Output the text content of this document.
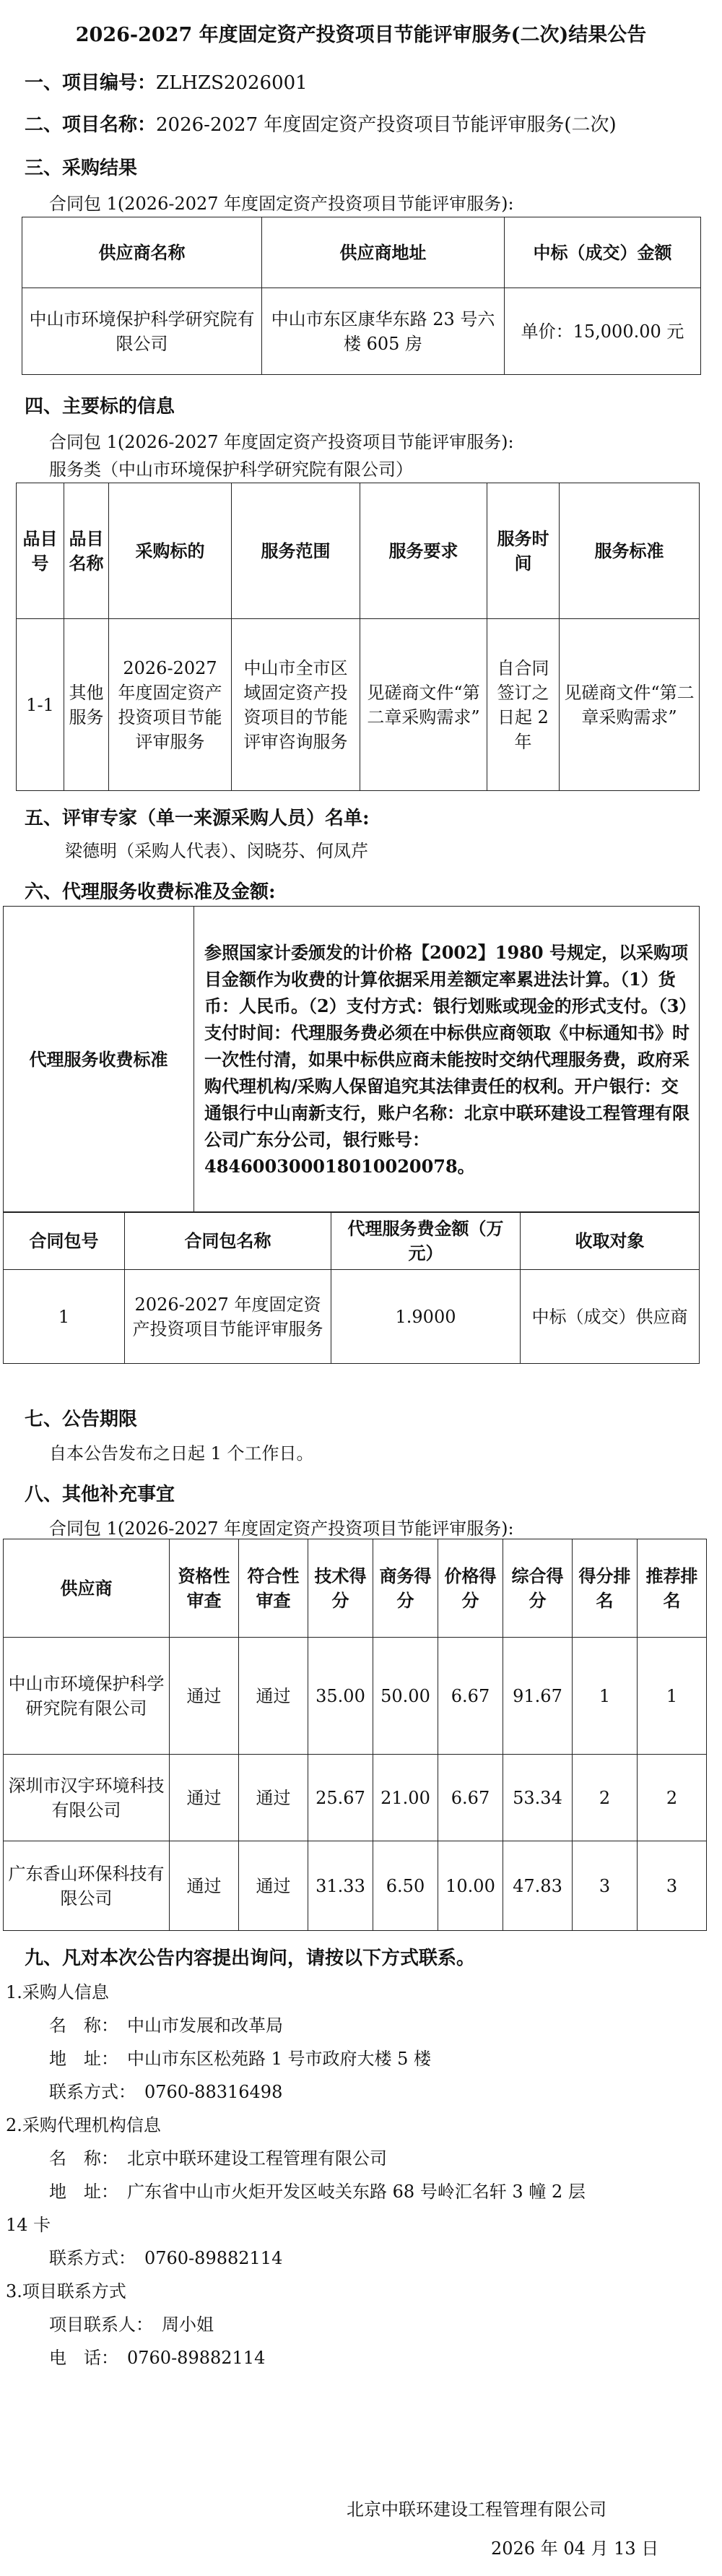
2026-2027 年度固定资产投资项目节能评审服务(二次)结果公告
一、项目编号：ZLHZS2026001
二、项目名称：2026-2027 年度固定资产投资项目节能评审服务(二次)
三、采购结果
合同包 1(2026-2027 年度固定资产投资项目节能评审服务):
供应商名称	供应商地址	中标（成交）金额
中山市环境保护科学研究院有限公司	中山市东区康华东路 23 号六楼 605 房	单价：15,000.00 元
四、主要标的信息
合同包 1(2026-2027 年度固定资产投资项目节能评审服务):
服务类（中山市环境保护科学研究院有限公司）
品目号	品目名称	采购标的	服务范围	服务要求	服务时间	服务标准
1-1	其他服务	2026-2027 年度固定资产投资项目节能评审服务	中山市全市区域固定资产投资项目的节能评审咨询服务	见磋商文件“第二章采购需求”	自合同签订之日起 2 年	见磋商文件“第二章采购需求”
五、评审专家（单一来源采购人员）名单:
梁德明（采购人代表）、闵晓芬、何凤芹
六、代理服务收费标准及金额:
代理服务收费标准	参照国家计委颁发的计价格【2002】1980 号规定，以采购项目金额作为收费的计算依据采用差额定率累进法计算。（1）货币：人民币。（2）支付方式：银行划账或现金的形式支付。（3）支付时间：代理服务费必须在中标供应商领取《中标通知书》时一次性付清，如果中标供应商未能按时交纳代理服务费，政府采购代理机构/采购人保留追究其法律责任的权利。开户银行：交通银行中山南新支行，账户名称：北京中联环建设工程管理有限公司广东分公司，银行账号：484600300018010020078。
合同包号	合同包名称	代理服务费金额（万元）	收取对象
1	2026-2027 年度固定资产投资项目节能评审服务	1.9000	中标（成交）供应商
七、公告期限
自本公告发布之日起 1 个工作日。
八、其他补充事宜
合同包 1(2026-2027 年度固定资产投资项目节能评审服务):
供应商	资格性审查	符合性审查	技术得分	商务得分	价格得分	综合得分	得分排名	推荐排名
中山市环境保护科学研究院有限公司	通过	通过	35.00	50.00	6.67	91.67	1	1
深圳市汉宇环境科技有限公司	通过	通过	25.67	21.00	6.67	53.34	2	2
广东香山环保科技有限公司	通过	通过	31.33	6.50	10.00	47.83	3	3
九、凡对本次公告内容提出询问，请按以下方式联系。
1.采购人信息
名　称：　中山市发展和改革局
地　址：　中山市东区松苑路 1 号市政府大楼 5 楼
联系方式：　0760-88316498
2.采购代理机构信息
名　称：　北京中联环建设工程管理有限公司
地　址：　广东省中山市火炬开发区岐关东路 68 号岭汇名轩 3 幢 2 层
14 卡
联系方式：　0760-89882114
3.项目联系方式
项目联系人：　周小姐
电　话：　0760-89882114
北京中联环建设工程管理有限公司
2026 年 04 月 13 日
